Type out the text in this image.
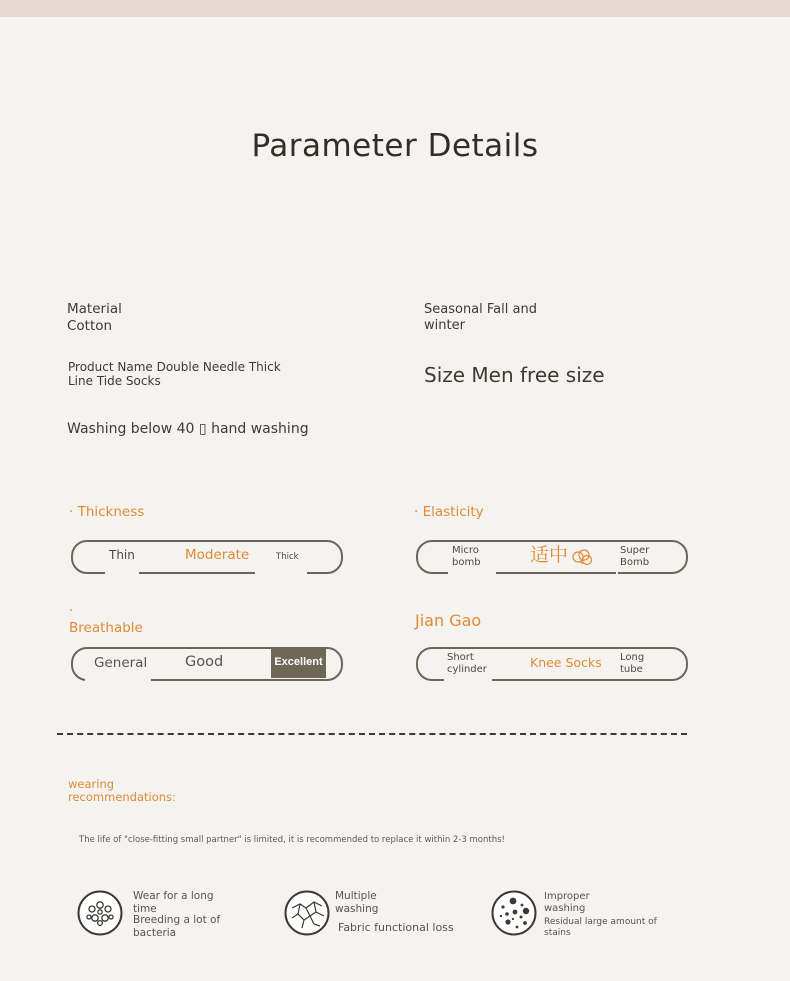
Parameter Details
Material
Cotton
Seasonal Fall and
winter
Product Name Double Needle Thick
Line Tide Socks	Size Men free size
Washing below 40 ▯ hand washing
· Thickness
Thin	Moderate	Thick
· Elasticity
Micro
bomb	适中	Super
Bomb
·
Breathable
General	Good	Excellent
Jian Gao
Short
cylinder	Knee Socks Long
tube
wearing
recommendations:
The life of "close-fitting small partner" is limited, it is recommended to replace it within 2-3 months!
Wear for a long
time
Breeding a lot of
bacteria
Multiple
washing
Fabric functional loss
Improper
washing
Residual large amount of
stains
